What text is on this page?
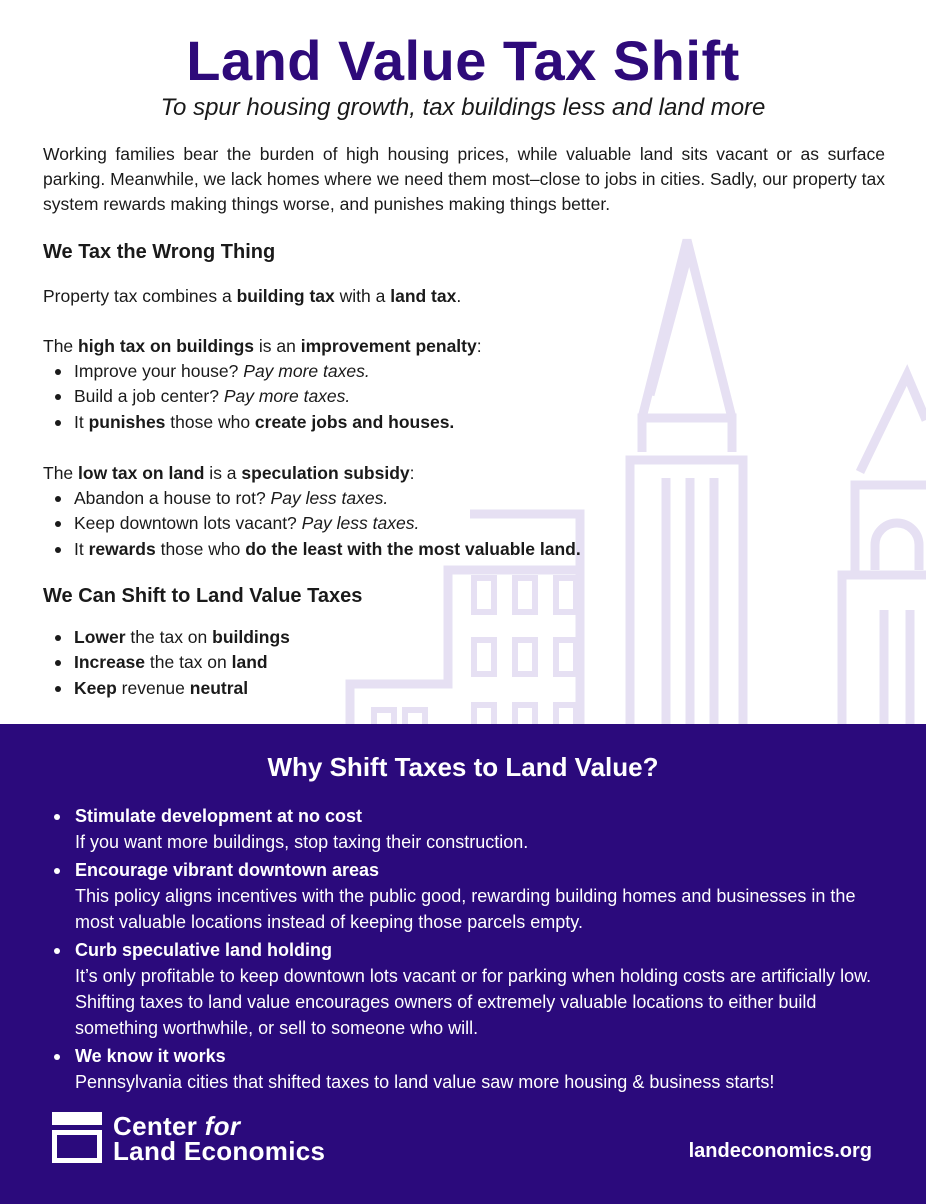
Land Value Tax Shift
To spur housing growth, tax buildings less and land more

Working families bear the burden of high housing prices, while valuable land sits vacant or as surface parking. Meanwhile, we lack homes where we need them most–close to jobs in cities. Sadly, our property tax system rewards making things worse, and punishes making things better.

We Tax the Wrong Thing

Property tax combines a building tax with a land tax.

The high tax on buildings is an improvement penalty:

Improve your house? Pay more taxes.
Build a job center? Pay more taxes.
It punishes those who create jobs and houses.

The low tax on land is a speculation subsidy:

Abandon a house to rot? Pay less taxes.
Keep downtown lots vacant? Pay less taxes.
It rewards those who do the least with the most valuable land.
We Can Shift to Land Value Taxes
Lower the tax on buildings
Increase the tax on land
Keep revenue neutral
Why Shift Taxes to Land Value?
Stimulate development at no cost
If you want more buildings, stop taxing their construction.
Encourage vibrant downtown areas
This policy aligns incentives with the public good, rewarding building homes and businesses in the most valuable locations instead of keeping those parcels empty.
Curb speculative land holding
It’s only profitable to keep downtown lots vacant or for parking when holding costs are artificially low. Shifting taxes to land value encourages owners of extremely valuable locations to either build something worthwhile, or sell to someone who will.
We know it works
Pennsylvania cities that shifted taxes to land value saw more housing & business starts!
Center for
Land Economics	landeconomics.org
